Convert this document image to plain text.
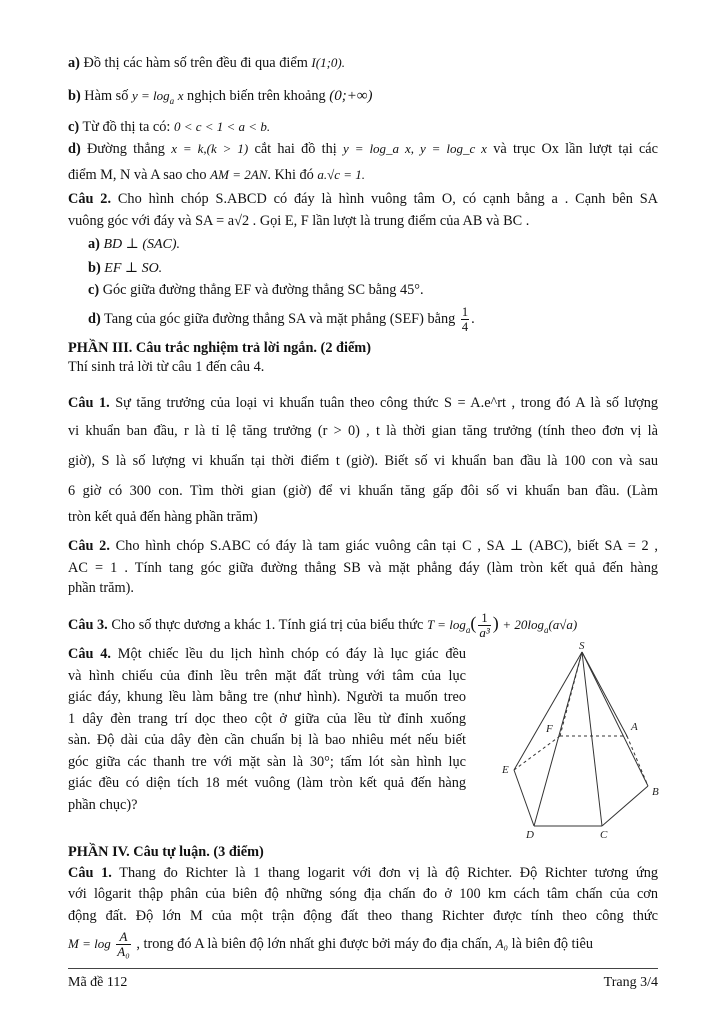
a) Đồ thị các hàm số trên đều đi qua điểm I(1;0).
b) Hàm số $y = \log_a x$ nghịch biến trên khoảng (0;+∞)
c) Từ đồ thị ta có: 0 < c < 1 < a < b.
d) Đường thẳng x = k,(k > 1) cắt hai đồ thị y = log_a x, y = log_c x và trục Ox lần lượt tại các
điểm M, N và A sao cho AM = 2AN. Khi đó a.√c = 1.
Câu 2. Cho hình chóp S.ABCD có đáy là hình vuông tâm O, có cạnh bằng a . Cạnh bên SA
vuông góc với đáy và SA = a√2 . Gọi E, F lần lượt là trung điểm của AB và BC .
a) BD ⊥ (SAC).
b) EF ⊥ SO.
c) Góc giữa đường thẳng EF và đường thẳng SC bằng 45°.
d) Tang của góc giữa đường thẳng SA và mặt phẳng (SEF) bằng $\frac{1}{4}$ .
PHẦN III. Câu trắc nghiệm trả lời ngắn. (2 điểm)
Thí sinh trả lời từ câu 1 đến câu 4.
Câu 1. Sự tăng trưởng của loại vi khuẩn tuân theo công thức S = A.e^rt , trong đó A là số lượng
vi khuẩn ban đầu, r là tỉ lệ tăng trưởng (r > 0) , t là thời gian tăng trưởng (tính theo đơn vị là
giờ), S là số lượng vi khuẩn tại thời điểm t (giờ). Biết số vi khuẩn ban đầu là 100 con và sau
6 giờ có 300 con. Tìm thời gian (giờ) để vi khuẩn tăng gấp đôi số vi khuẩn ban đầu. (Làm
tròn kết quả đến hàng phần trăm)
Câu 2. Cho hình chóp S.ABC có đáy là tam giác vuông cân tại C , SA ⊥ (ABC), biết SA = 2 ,
AC = 1 . Tính tang góc giữa đường thẳng SB và mặt phẳng đáy (làm tròn kết quả đến hàng
phần trăm).
Câu 3. Cho số thực dương a khác 1. Tính giá trị của biểu thức $T = \log_a( \frac{1}{\text{a³}}$ ) + $20\log_a(a√a)$
Câu 4. Một chiếc lều du lịch hình chóp có đáy là lục giác đều
và hình chiếu của đỉnh lều trên mặt đất trùng với tâm của lục
giác đáy, khung lều làm bằng tre (như hình). Người ta muốn treo
1 dây đèn trang trí dọc theo cột ở giữa của lều từ đỉnh xuống
sàn. Độ dài của dây đèn cần chuẩn bị là bao nhiêu mét nếu biết
góc giữa các thanh tre với mặt sàn là 30°; tấm lót sàn hình lục
giác đều có diện tích 18 mét vuông (làm tròn kết quả đến hàng
phần chục)?
S
F	A
E
B
D	C
PHẦN IV. Câu tự luận. (3 điểm)
Câu 1. Thang đo Richter là 1 thang logarit với đơn vị là độ Richter. Độ Richter tương ứng
với lôgarit thập phân của biên độ những sóng địa chấn đo ở 100 km cách tâm chấn của cơn
động đất. Độ lớn M của một trận động đất theo thang Richter được tính theo công thức
$M = \log \frac{A}{\text{A₀}}$ , trong đó A là biên độ lớn nhất ghi được bởi máy đo địa chấn, A₀ là biên độ tiêu
Mã đề 112	Trang 3/4
